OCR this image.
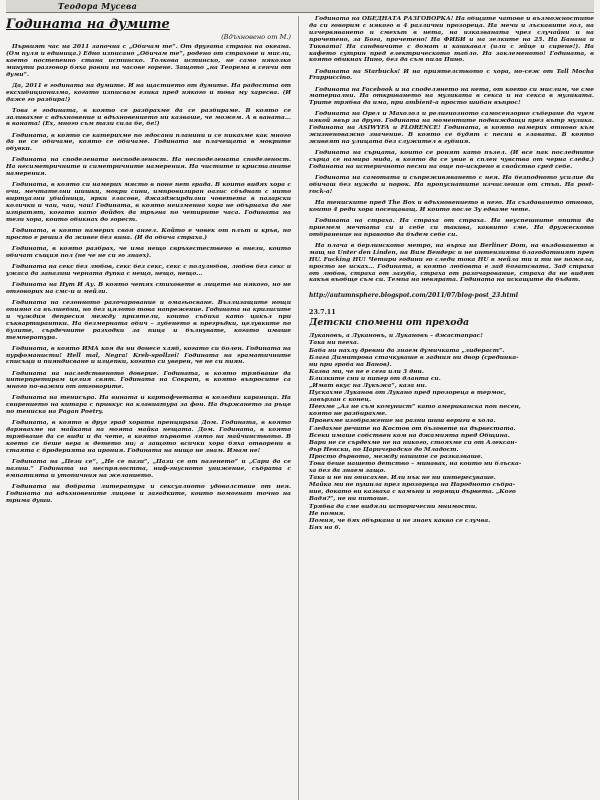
Теодора Мусева
Годината на думите
(Вдъхновено от М.)

Първият час на 2011 започна с „Обичам те“. От другата страна на океана. (Ом пуля и единица.) Едно изписано „Обичам те“, родено от страхове и мисли, което постепенно стана истинско. Толкова истинско, не само няколко минути разговор бяха равни на часове горене. Защото „на Теорема в сенчи от думи“.

Да, 2011 е годината на думите. И на щастието от думите. На радостта от ексхибиционизма, когато изписвам езика пред някого и това му харесва. (И даже го разбира!)

Това е годината, в която се разбрахме да се разбираме. В която се заливахме с вдъхновение и вдъхновението ни казваше, че можем. А в ваната... в ваната! (Ех, много съм тази сила бе, бе!)

Годината, в която се катерихме по ядосани планини и се пикахме как много да не се обичаме, която се обичаме. Годината на плачещата в мокрите обувки.

Годината на споделената несподеленост. На несподелената споделеност. На несиметричните и симетричните намерения. На чистите и кристалните намерения.

Годината, в която си намерих място в поне пет града. В които видях хора с очи, мечтателни шишки, мокри сини, импровизиран оазис сбъднат с нито виртуални убийници, ярки гласове, джазджирдилни човетета в пазарски колички и чаи, чаи, чаи! Годината, в която неизменно хора не обърнаха да ме изпратят, когато като дойдох да тръгна по четирите часа. Годината на тези хора, които обикнах до горест.

Годината, в която намерих своя ангел. Който е човек от плът и кръв, но просто е решил да живее без вина. (И да обича страха.)

Годината, в която разбрах, че има нещо свръхестествено в онези, които обичат същия пол (не че не си го знаех).

Годината на секс без любов, секс без секс, секс с полулюбов, любов без секс и ужаса да запазиш черната дупка с нещо, нещо, нещо...

Годината на Нут И Ау. В която четях стиховете в лицето на някого, но не отговорих на смс-и и мейли.

Годината на сезонното разочарование и омагьосване. Възлизащите нощи опияно са вълшебни, но без цялото това напрежение. Годината на кризисите и чуждия депресия между приятели, които събиха като цикъл при съквартирантки. На безмерната обич – зубенето в прегръдки, целувките по бузите, сърдечните разходки за пица и бълнувате, когато имаше температура.

Годината, в която ИМА коя да ни донесе хляб, когато си болен. Годината на пурфоманисти! Hell mal, Negra! Kreb-spollzei! Годината на граматичните списъци и пияндисване и изцепки, когато си уверен, че не си пиян.

Годината на наследственото доверие. Годината, в която трябваше да интерпретирам целия свят. Годината на Сократ, в която въпросите са много по-важни от отговорите.

Годината на тенисъра. На вината и картофчетата в коледни караници. На свирението на китара с привкус на клавиатура за фон. На държането за ръце по тениска на Pagan Poetry.

Годината, в която в друг град хората пренцираха Дом. Годината, в която дарявахме на майката на моята майка нещата. Дом. Годината, в която трябваше да се види и да чете, в която първото лято на майчинството. В което се беше вера в детето ни; а защото всички хора бяха отворени в стаята с бродерията на ирония. Годината на нищо не знам. Имам не!

Годината на „Пези се“, „Не се пази“, „Пази се от пазенето“ и „Сари да се пазиш.“ Годината на неспрялостта, ниф-гнусното унижение, събрата с емпатията и утопичния на желанието.

Годината на добрата литература и сексуалното удоволствие от нея. Годината на вдъхновените лицове и загадките, които помогнат точно на трима души.

Годината на ОБЕДНАТА РАЗГОВОРКА! На общите чатове и възможностите да си говорим с някого в 4 различни прозореца. На мечи и лъскавите гол, на изчервяването и смехът в нета, на изказваната чрез случайни и на прочетено, за Бога, прочетено! На ФИБИ и на зелките на 25. На Банана и Тиквата! На сандвичите с домат и кашкавал (или с яйце и сирене!). На кафето сутрин пред електрическото табло. На заклеменото! Годината, в която обикнах Пино, без да съм пила Пино.

Годината на Starbucks! И на приятелството с хора, но-сеж от Tall Mocha Frappuccino.

Годината на Facebook и на споделянето на нета, от което си мислим, че сме материални. На откриването на музиката в секса и на секса в музиката. Трите трябва да има, при ambient-а просто шибан въпрос!

Годината на Орел и Махолол и религиозното самосензорно съберане да чуем някой явър за друго. Годината на моментите подвиждащи през вътр музика. Годината на ASIWYFA и FLORENCE! Годината, в която намерих отново към жизненоважно значение. В която се будят с песни в главата. В която живеят на улицата без служител в губния.

Годината на сърцата, които се ронят като пъзел. (И все пак последните сърца се намира мида, в която да се увие в сплен чувства от черна следа.) Годината на истеричното песни на още по-искрено в свойство сред себе.

Годината на самотата и съпреживяването с нея. На безподното усилие да обичаш без нужда и порок. На пропуснатите изчисления от стъп. На post-rock-a!

На тениските пред The Box и вдъхновението в него. На създаването отново, които 4 реди хора посещаващ. И които после 3у едваме чете.

Годината на страха. На страха от страха. На неуспешните опити да приемем мечтата си и себе си такива, каквито сме. На дружеското отбранение на правото да бъдем себе си.

На плача в берлинското метро, на върха на Berliner Dom, на въздаването в мащ на Unter den Linden, на Вим Вендерс и не интензията благодатният преп HU. Fucking HU! Четири години го следи тока HU в мейла ти и ти не пожела, просто не исках... Годината, в която любовта е зад богатсвата. Зад страха от любов, страха от загуба, страха от разочарование, страха да не видят какъв въобще съм си. Темпа на невярата. Годината на искащите да бъдат.

http://autumnsphere.blogspot.com/2011/07/blog-post_23.html
23.7.11
Детски спомени от прехода
Лукановъ, а Лукановъ, и Лукановъ – джастапрас!
Така ни пееха.
Баба ни нахлу древни да знаем думичката „лидераст“.
Блага Димитрова стачкуваше в задния ни двор (срединка-
ни при гроба на Ванов).
Казва ми, че не е сега или 3 дни.
Близките сни и пипер от дланта си.
„Имат вкус на Лукъжа“, каза ни.
Пускахме Луканов от Лукано пред прозореца в термос,
завързан с конец.
Пеехме „Аз не съм комунист“ като американска поп песен,
която не разбирахме.
Правехме изображение на разни шиш вериги в хола.
Гледахме речите на Костов от бъзовете на дървестата.
Всеки имаше собствен ком на джамията пред Община.
Вари не се сърдехме не на никого, стояхме си от Алексан-
дър Невски, по Царичградско до Младост.
Просто дървото, между нашите се разказваше.
Това беше нашето детство – минавах, на които ни блъска-
ха без да знаем защо.
Така и не ни описахме. Или пък не ни интересуваше.
Майка ми не пушила през прозореца на Народното събра-
ние, докато ви казваха с камъни и горящи дървета. „Кого
Вадя?“, не ни питаше.
Трябва да сме видяли историчесни мнимости.
Не помня.
Помня, че бях объркана и не знаех какво се случва.
Бях на 6.
